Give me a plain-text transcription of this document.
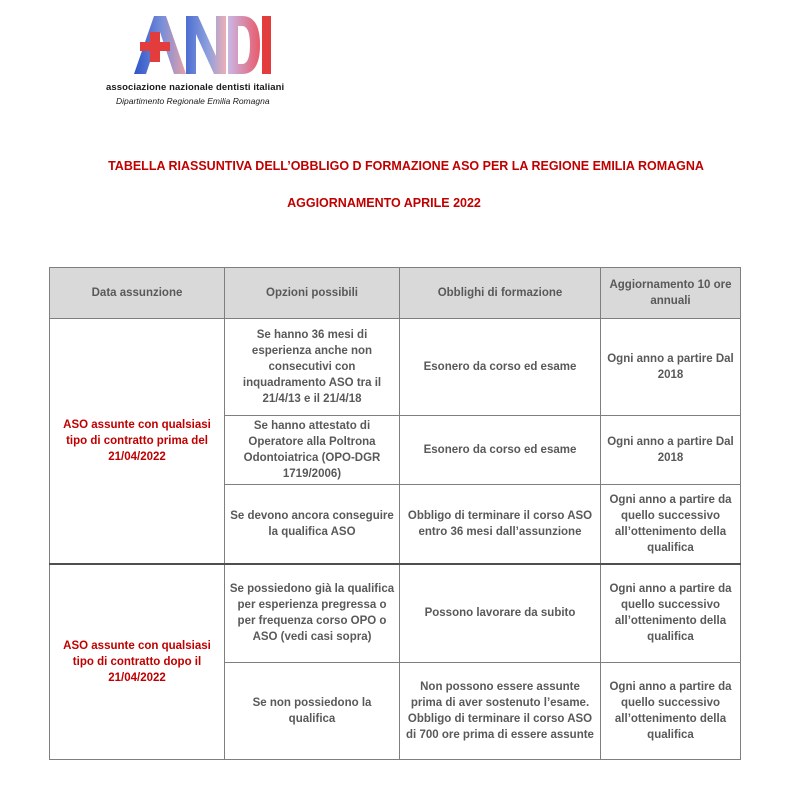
associazione nazionale dentisti italiani
Dipartimento Regionale Emilia Romagna
TABELLA RIASSUNTIVA DELL’OBBLIGO D FORMAZIONE ASO PER LA REGIONE EMILIA ROMAGNA
AGGIORNAMENTO APRILE 2022
Data assunzione	Opzioni possibili	Obblighi di formazione	Aggiornamento 10 ore annuali
ASO assunte con qualsiasi tipo di contratto prima del 21/04/2022	Se hanno 36 mesi di esperienza anche non consecutivi con inquadramento ASO tra il 21/4/13 e il 21/4/18	Esonero da corso ed esame	Ogni anno a partire Dal 2018
	Se hanno attestato di Operatore alla Poltrona Odontoiatrica (OPO-DGR 1719/2006)	Esonero da corso ed esame	Ogni anno a partire Dal 2018
	Se devono ancora conseguire la qualifica ASO	Obbligo di terminare il corso ASO entro 36 mesi dall’assunzione	Ogni anno a partire da quello successivo all’ottenimento della qualifica
ASO assunte con qualsiasi tipo di contratto dopo il 21/04/2022	Se possiedono già la qualifica per esperienza pregressa o per frequenza corso OPO o ASO (vedi casi sopra)	Possono lavorare da subito	Ogni anno a partire da quello successivo all’ottenimento della qualifica
	Se non possiedono la qualifica	Non possono essere assunte prima di aver sostenuto l’esame. Obbligo di terminare il corso ASO di 700 ore prima di essere assunte	Ogni anno a partire da quello successivo all’ottenimento della qualifica
